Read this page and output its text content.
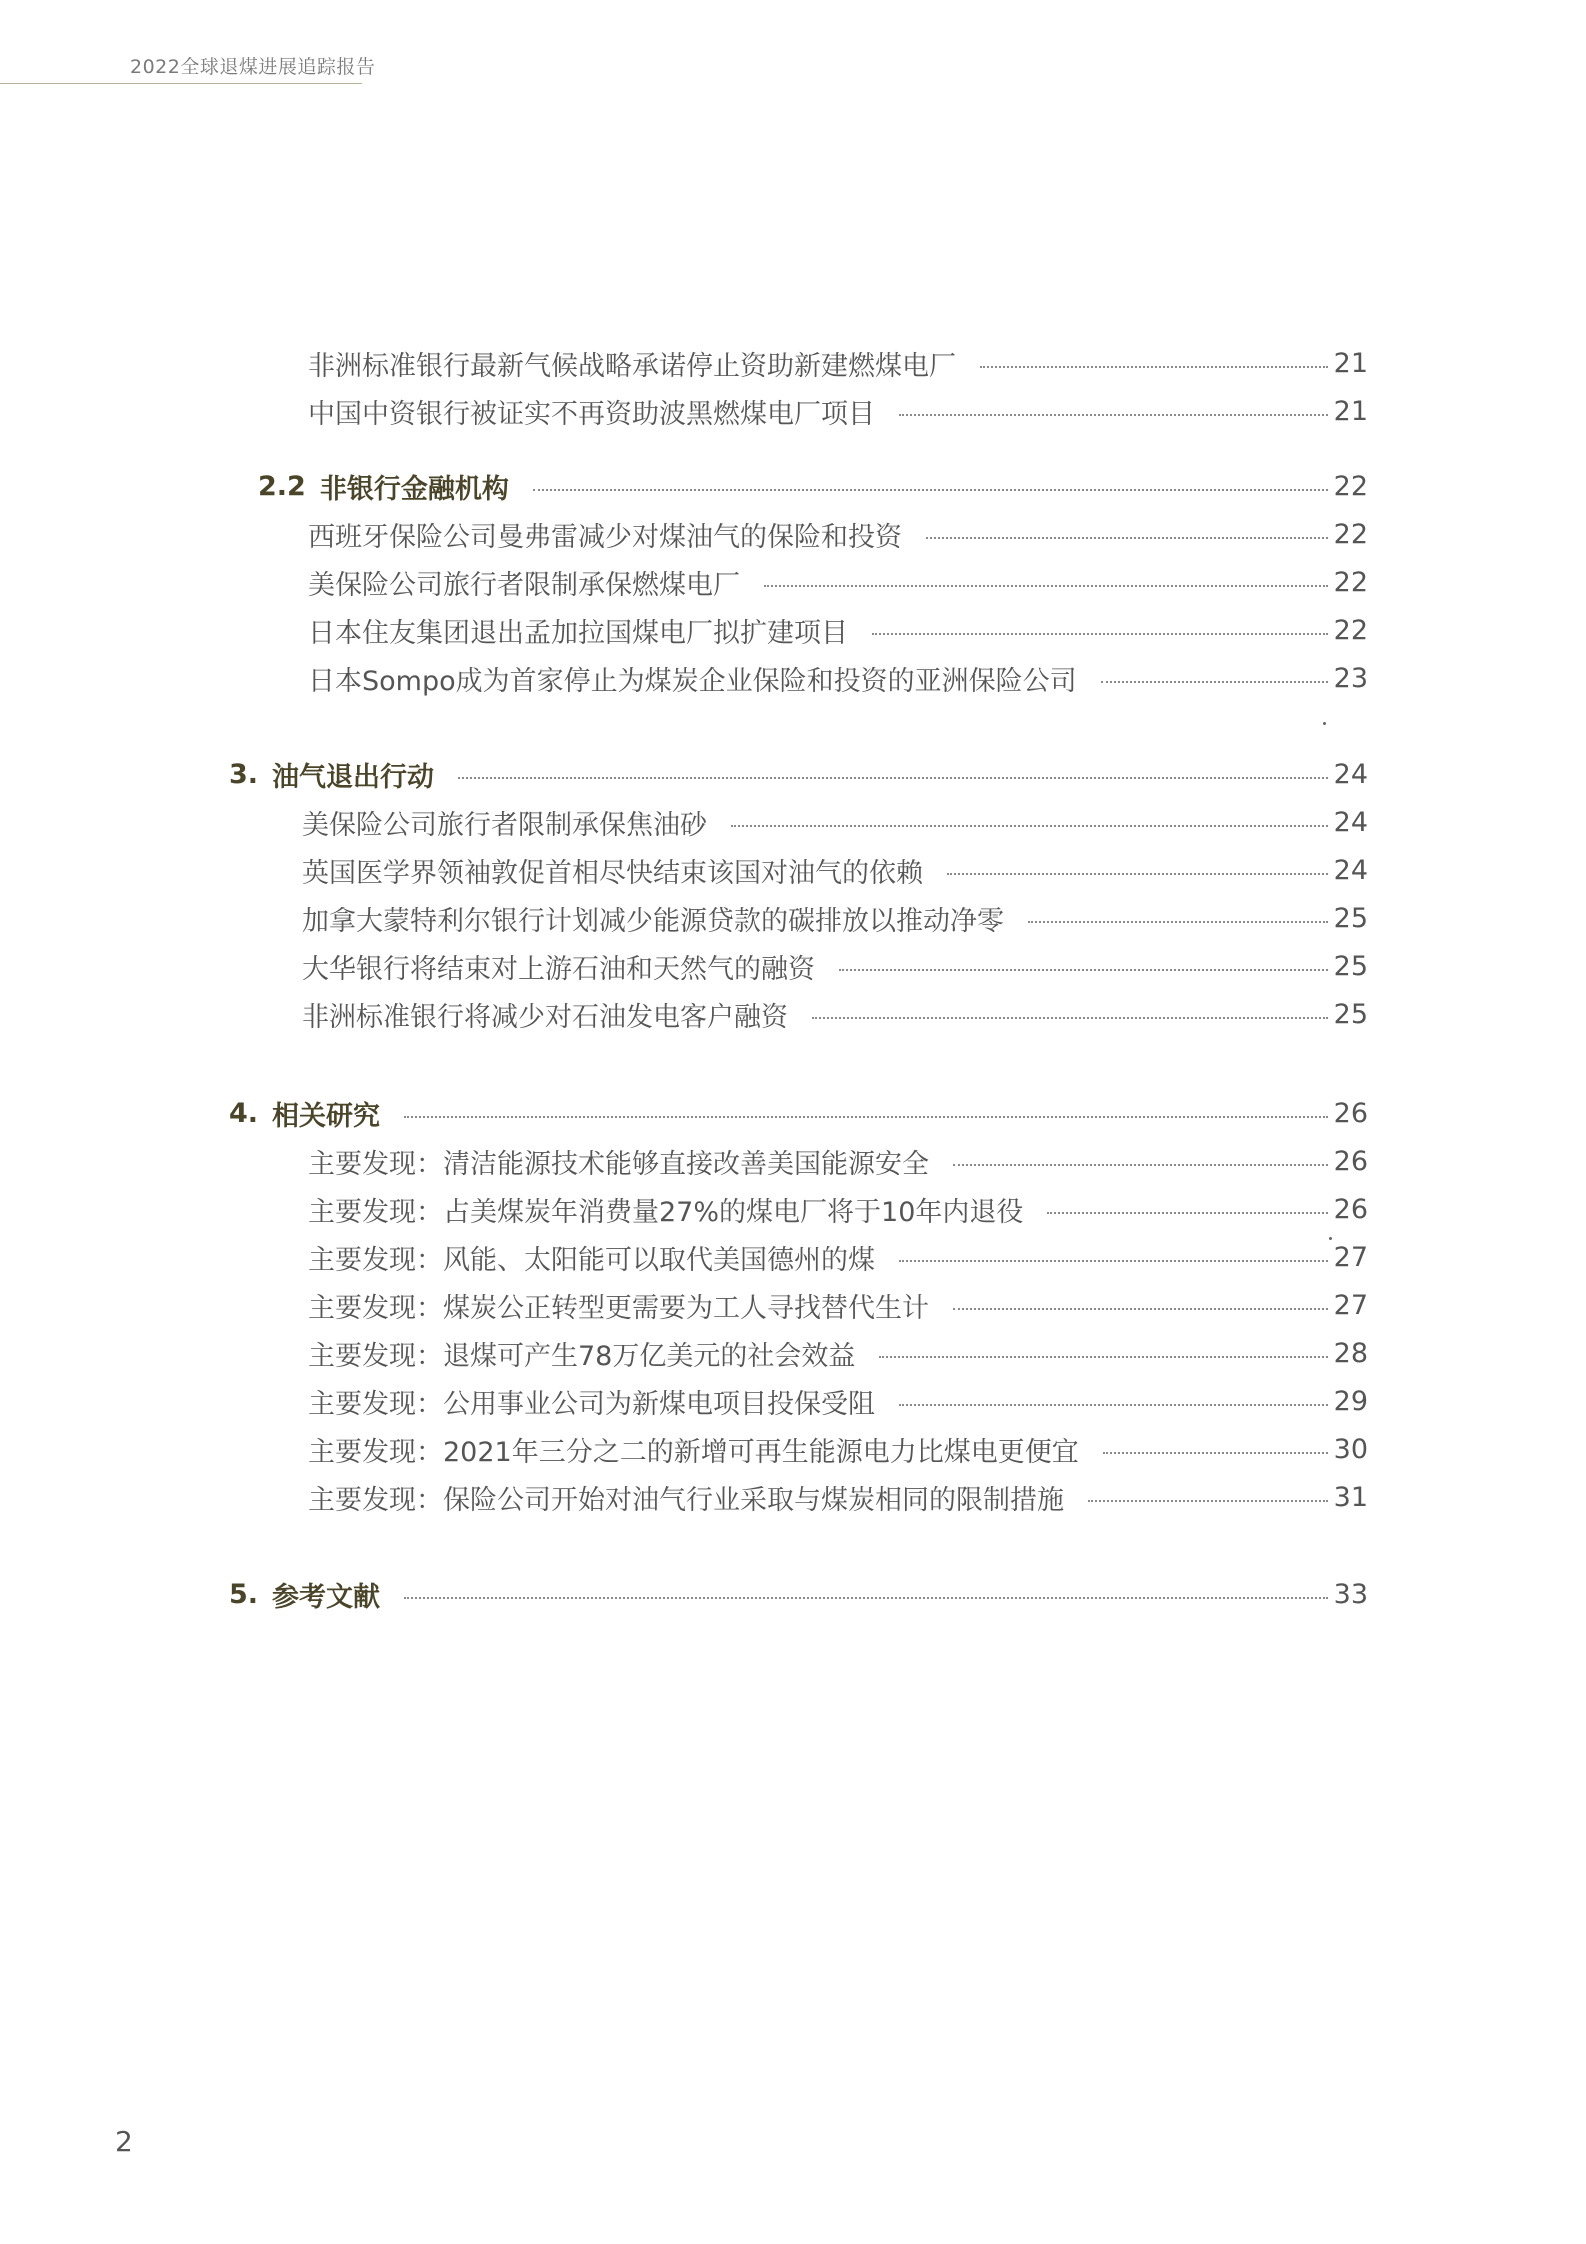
2022全球退煤进展追踪报告
非洲标准银行最新气候战略承诺停止资助新建燃煤电厂	21
中国中资银行被证实不再资助波黑燃煤电厂项目	21
2.2 非银行金融机构	22
西班牙保险公司曼弗雷减少对煤油气的保险和投资	22
美保险公司旅行者限制承保燃煤电厂	22
日本住友集团退出孟加拉国煤电厂拟扩建项目	22
日本Sompo成为首家停止为煤炭企业保险和投资的亚洲保险公司	23
3. 油气退出行动	24
美保险公司旅行者限制承保焦油砂	24
英国医学界领袖敦促首相尽快结束该国对油气的依赖	24
加拿大蒙特利尔银行计划减少能源贷款的碳排放以推动净零	25
大华银行将结束对上游石油和天然气的融资	25
非洲标准银行将减少对石油发电客户融资	25
4. 相关研究	26
主要发现：清洁能源技术能够直接改善美国能源安全	26
主要发现：占美煤炭年消费量27%的煤电厂将于10年内退役	26
主要发现：风能、太阳能可以取代美国德州的煤	27
主要发现：煤炭公正转型更需要为工人寻找替代生计	27
主要发现：退煤可产生78万亿美元的社会效益	28
主要发现：公用事业公司为新煤电项目投保受阻	29
主要发现：2021年三分之二的新增可再生能源电力比煤电更便宜	30
主要发现：保险公司开始对油气行业采取与煤炭相同的限制措施	31
5. 参考文献	33
2
